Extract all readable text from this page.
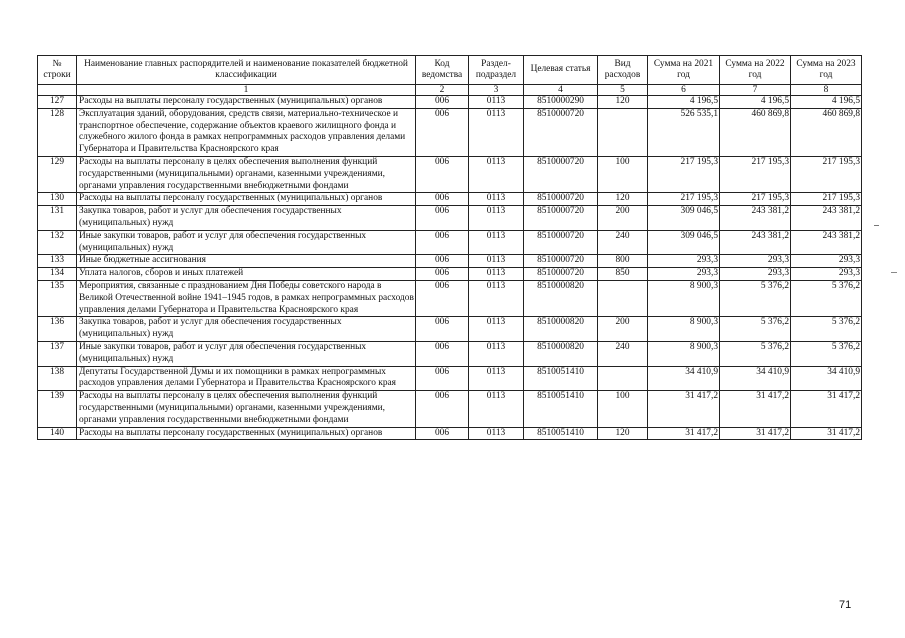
№ строки	Наименование главных распорядителей и наименование показателей бюджетной классификации	Код ведомства	Раздел-подраздел	Целевая статья	Вид расходов	Сумма на 2021 год	Сумма на 2022 год	Сумма на 2023 год
	1	2	3	4	5	6	7	8
127	Расходы на выплаты персоналу государственных (муниципальных) органов	006	0113	8510000290	120	4 196,5	4 196,5	4 196,5
128	Эксплуатация зданий, оборудования, средств связи, материально-техническое и транспортное обеспечение, содержание объектов краевого жилищного фонда и служебного жилого фонда в рамках непрограммных расходов управления делами Губернатора и Правительства Красноярского края	006	0113	8510000720		526 535,1	460 869,8	460 869,8
129	Расходы на выплаты персоналу в целях обеспечения выполнения функций государственными (муниципальными) органами, казенными учреждениями, органами управления государственными внебюджетными фондами	006	0113	8510000720	100	217 195,3	217 195,3	217 195,3
130	Расходы на выплаты персоналу государственных (муниципальных) органов	006	0113	8510000720	120	217 195,3	217 195,3	217 195,3
131	Закупка товаров, работ и услуг для обеспечения государственных (муниципальных) нужд	006	0113	8510000720	200	309 046,5	243 381,2	243 381,2
132	Иные закупки товаров, работ и услуг для обеспечения государственных (муниципальных) нужд	006	0113	8510000720	240	309 046,5	243 381,2	243 381,2
133	Иные бюджетные ассигнования	006	0113	8510000720	800	293,3	293,3	293,3
134	Уплата налогов, сборов и иных платежей	006	0113	8510000720	850	293,3	293,3	293,3
135	Мероприятия, связанные с празднованием Дня Победы советского народа в Великой Отечественной войне 1941–1945 годов, в рамках непрограммных расходов управления делами Губернатора и Правительства Красноярского края	006	0113	8510000820		8 900,3	5 376,2	5 376,2
136	Закупка товаров, работ и услуг для обеспечения государственных (муниципальных) нужд	006	0113	8510000820	200	8 900,3	5 376,2	5 376,2
137	Иные закупки товаров, работ и услуг для обеспечения государственных (муниципальных) нужд	006	0113	8510000820	240	8 900,3	5 376,2	5 376,2
138	Депутаты Государственной Думы и их помощники в рамках непрограммных расходов управления делами Губернатора и Правительства Красноярского края	006	0113	8510051410		34 410,9	34 410,9	34 410,9
139	Расходы на выплаты персоналу в целях обеспечения выполнения функций государственными (муниципальными) органами, казенными учреждениями, органами управления государственными внебюджетными фондами	006	0113	8510051410	100	31 417,2	31 417,2	31 417,2
140	Расходы на выплаты персоналу государственных (муниципальных) органов	006	0113	8510051410	120	31 417,2	31 417,2	31 417,2
71
